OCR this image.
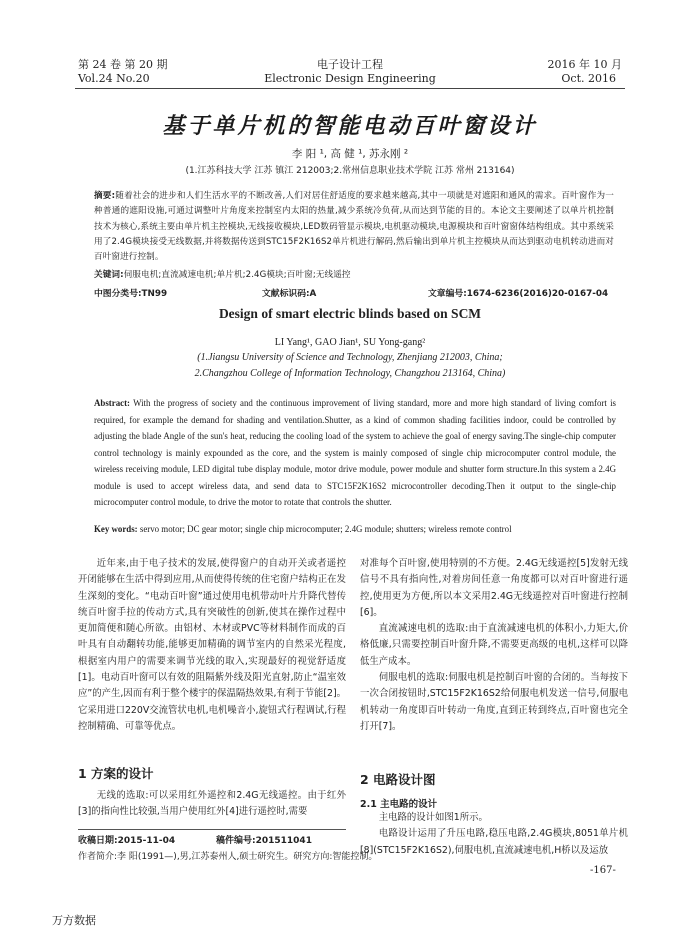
第 24 卷 第 20 期
Vol.24 No.20
电子设计工程
Electronic Design Engineering
2016 年 10 月
Oct. 2016
基于单片机的智能电动百叶窗设计
李 阳 ¹, 高 健 ¹, 苏永刚 ²
(1.江苏科技大学 江苏 镇江 212003;2.常州信息职业技术学院 江苏 常州 213164)
摘要:随着社会的进步和人们生活水平的不断改善,人们对居住舒适度的要求越来越高,其中一项就是对遮阳和通风的需求。百叶窗作为一种普通的遮阳设施,可通过调整叶片角度来控制室内太阳的热量,减少系统冷负荷,从而达到节能的目的。本论文主要阐述了以单片机控制技术为核心,系统主要由单片机主控模块,无线接收模块,LED数码管显示模块,电机驱动模块,电源模块和百叶窗窗体结构组成。其中系统采用了2.4G模块接受无线数据,并将数据传送到STC15F2K16S2单片机进行解码,然后输出到单片机主控模块从而达到驱动电机转动进而对百叶窗进行控制。
关键词:伺服电机;直流减速电机;单片机;2.4G模块;百叶窗;无线遥控
中图分类号:TN99	文献标识码:A	文章编号:1674-6236(2016)20-0167-04
Design of smart electric blinds based on SCM
LI Yang¹, GAO Jian¹, SU Yong-gang²
(1.Jiangsu University of Science and Technology, Zhenjiang 212003, China;
2.Changzhou College of Information Technology, Changzhou 213164, China)
Abstract: With the progress of society and the continuous improvement of living standard, more and more high standard of living comfort is required, for example the demand for shading and ventilation.Shutter, as a kind of common shading facilities indoor, could be controlled by adjusting the blade Angle of the sun's heat, reducing the cooling load of the system to achieve the goal of energy saving.The single-chip computer control technology is mainly expounded as the core, and the system is mainly composed of single chip microcomputer control module, the wireless receiving module, LED digital tube display module, motor drive module, power module and shutter form structure.In this system a 2.4G module is used to accept wireless data, and send data to STC15F2K16S2 microcontroller decoding.Then it output to the single-chip microcomputer control module, to drive the motor to rotate that controls the shutter.
Key words: servo motor; DC gear motor; single chip microcomputer; 2.4G module; shutters; wireless remote control

近年来,由于电子技术的发展,使得窗户的自动开关或者遥控开闭能够在生活中得到应用,从而使得传统的住宅窗户结构正在发生深刻的变化。“电动百叶窗”通过使用电机带动叶片升降代替传统百叶窗手拉的传动方式,具有突破性的创新,使其在操作过程中更加简便和随心所欲。由铝材、木材或PVC等材料制作而成的百叶具有自动翻转功能,能够更加精确的调节室内的自然采光程度,根据室内用户的需要来调节光线的取入,实现最好的视觉舒适度[1]。电动百叶窗可以有效的阻隔紫外线及阳光直射,防止“温室效应”的产生,因而有利于整个楼宇的保温隔热效果,有利于节能[2]。它采用进口220V交流管状电机,电机噪音小,旋钮式行程调试,行程控制精确、可靠等优点。

1 方案的设计

无线的选取:可以采用红外遥控和2.4G无线遥控。由于红外[3]的指向性比较强,当用户使用红外[4]进行遥控时,需要

对准每个百叶窗,使用特别的不方便。2.4G无线遥控[5]发射无线信号不具有指向性,对着房间任意一角度都可以对百叶窗进行遥控,使用更为方便,所以本文采用2.4G无线遥控对百叶窗进行控制[6]。

直流减速电机的选取:由于直流减速电机的体积小,力矩大,价格低廉,只需要控制百叶窗升降,不需要更高级的电机,这样可以降低生产成本。

伺服电机的选取:伺服电机是控制百叶窗的合闭的。当每按下一次合闭按钮时,STC15F2K16S2给伺服电机发送一信号,伺服电机转动一角度即百叶转动一角度,直到正转到终点,百叶窗也完全打开[7]。

2 电路设计图
2.1 主电路的设计

主电路的设计如图1所示。

电路设计运用了升压电路,稳压电路,2.4G模块,8051单片机[8](STC15F2K16S2),伺服电机,直流减速电机,H桥以及运放

收稿日期:2015-11-04	稿件编号:201511041
作者简介:李 阳(1991—),男,江苏泰州人,硕士研究生。研究方向:智能控制。
-167-
万方数据
